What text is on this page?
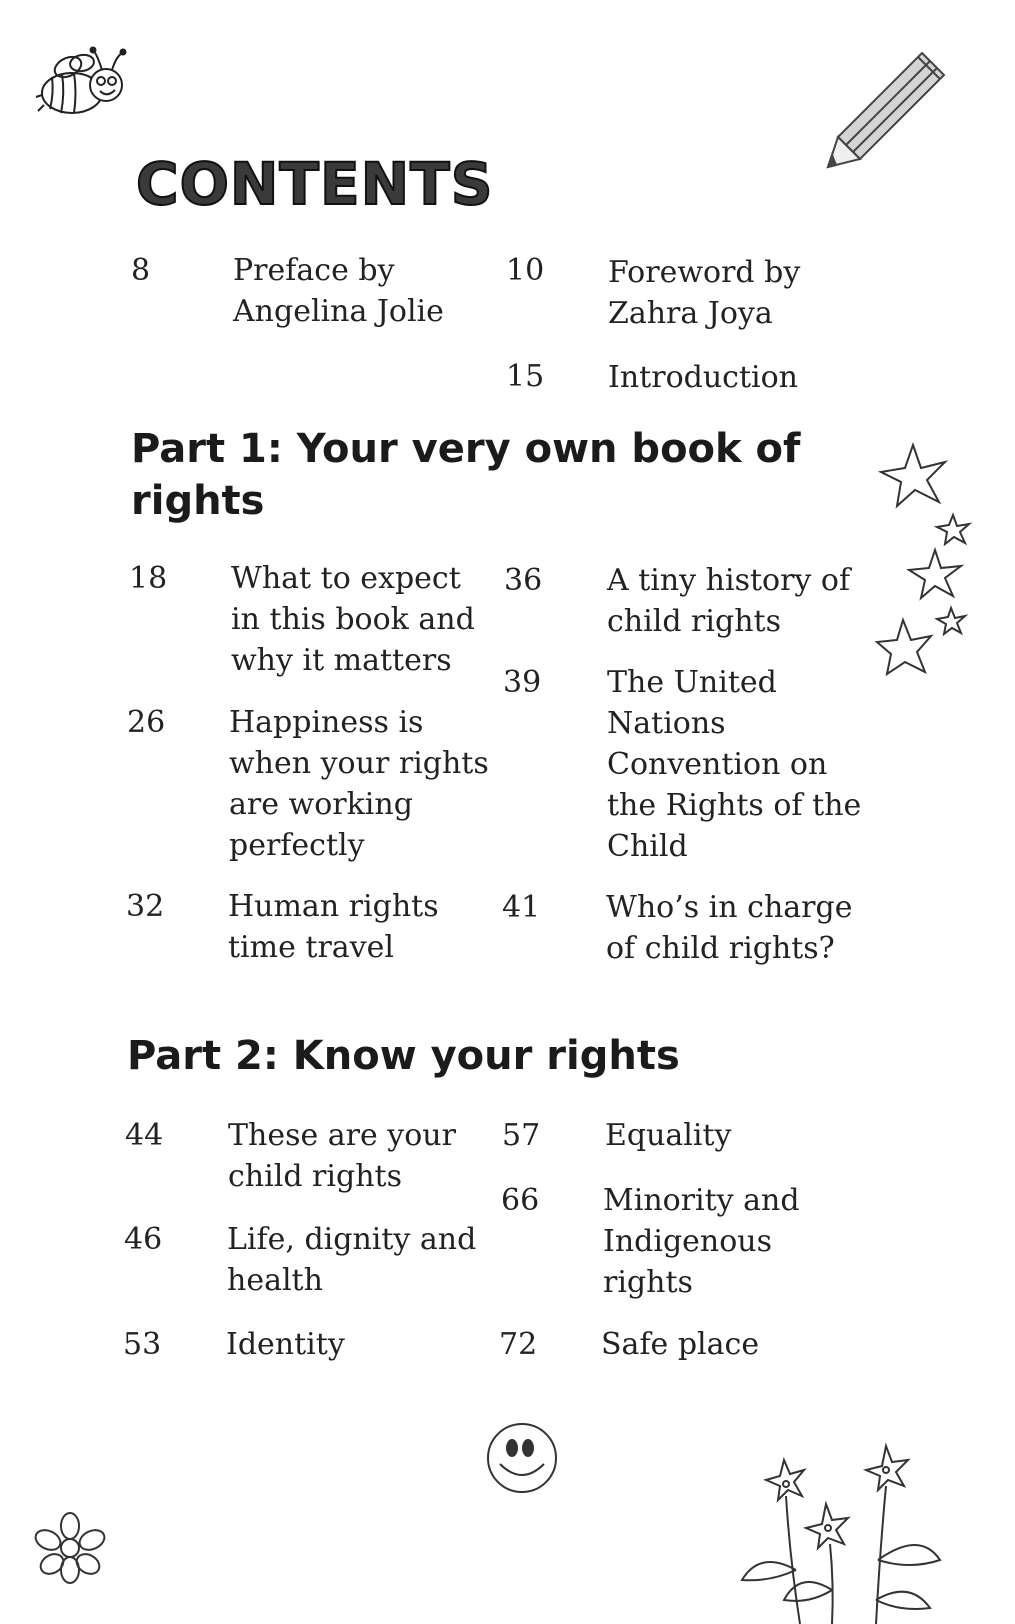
CONTENTS
8	Preface by
Angelina Jolie
10 Foreword by
Zahra Joya
15 Introduction
Part 1: Your very own book of rights
18 What to expect
in this book and
why it matters
26 Happiness is
when your rights
are working
perfectly
32 Human rights
time travel
36 A tiny history of
child rights
39 The United
Nations
Convention on
the Rights of the
Child
41 Who’s in charge
of child rights?
Part 2: Know your rights
44 These are your
child rights
46 Life, dignity and
health
53 Identity
57 Equality
66 Minority and
Indigenous
rights
72 Safe place
